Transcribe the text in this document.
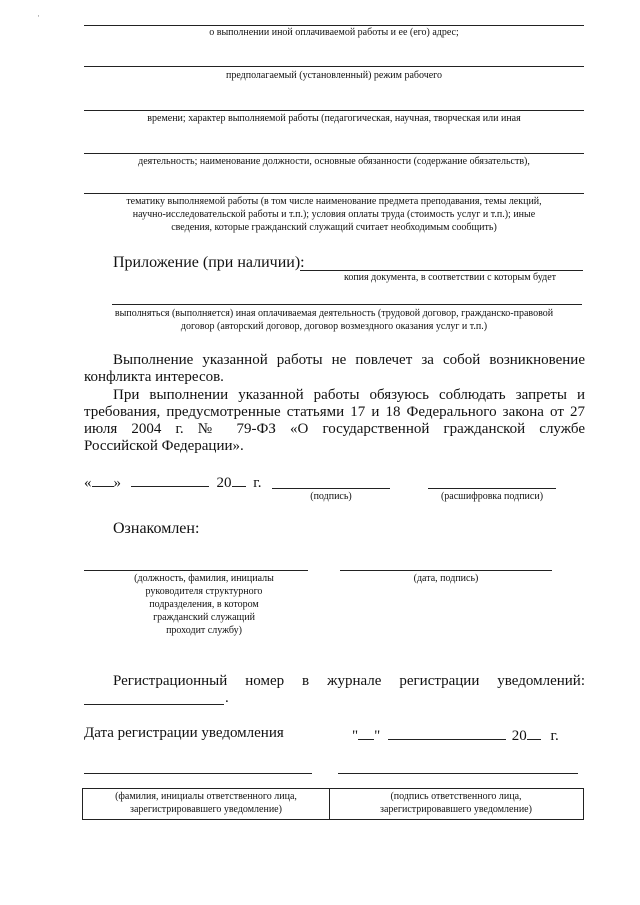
·
о выполнении иной оплачиваемой работы и ее (его) адрес;
предполагаемый (установленный) режим рабочего
времени; характер выполняемой работы (педагогическая, научная, творческая или иная
деятельность; наименование должности, основные обязанности (содержание обязательств),
тематику выполняемой работы (в том числе наименование предмета преподавания, темы лекций,
научно-исследовательской работы и т.п.); условия оплаты труда (стоимость услуг и т.п.); иные
сведения, которые гражданский служащий считает необходимым сообщить)
Приложение (при наличии):
копия документа, в соответствии с которым будет
выполняться (выполняется) иная оплачиваемая деятельность (трудовой договор, гражданско-правовой
договор (авторский договор, договор возмездного оказания услуг и т.п.)
Выполнение указанной работы не повлечет за собой возникновение
конфликта интересов.
При выполнении указанной работы обязуюсь соблюдать запреты и
требования, предусмотренные статьями 17 и 18 Федерального закона от 27
июля 2004 г. № 79-ФЗ «О государственной гражданской службе
Российской Федерации».
« »	20 г.
(подпись)	(расшифровка подписи)
Ознакомлен:
(должность, фамилия, инициалы
руководителя структурного
подразделения, в котором
гражданский служащий
проходит службу)
(дата, подпись)
Регистрационный номер в журнале регистрации уведомлений:
.
Дата регистрации уведомления	" "	20 г.
(фамилия, инициалы ответственного лица,
зарегистрировавшего уведомление)
(подпись ответственного лица,
зарегистрировавшего уведомление)
